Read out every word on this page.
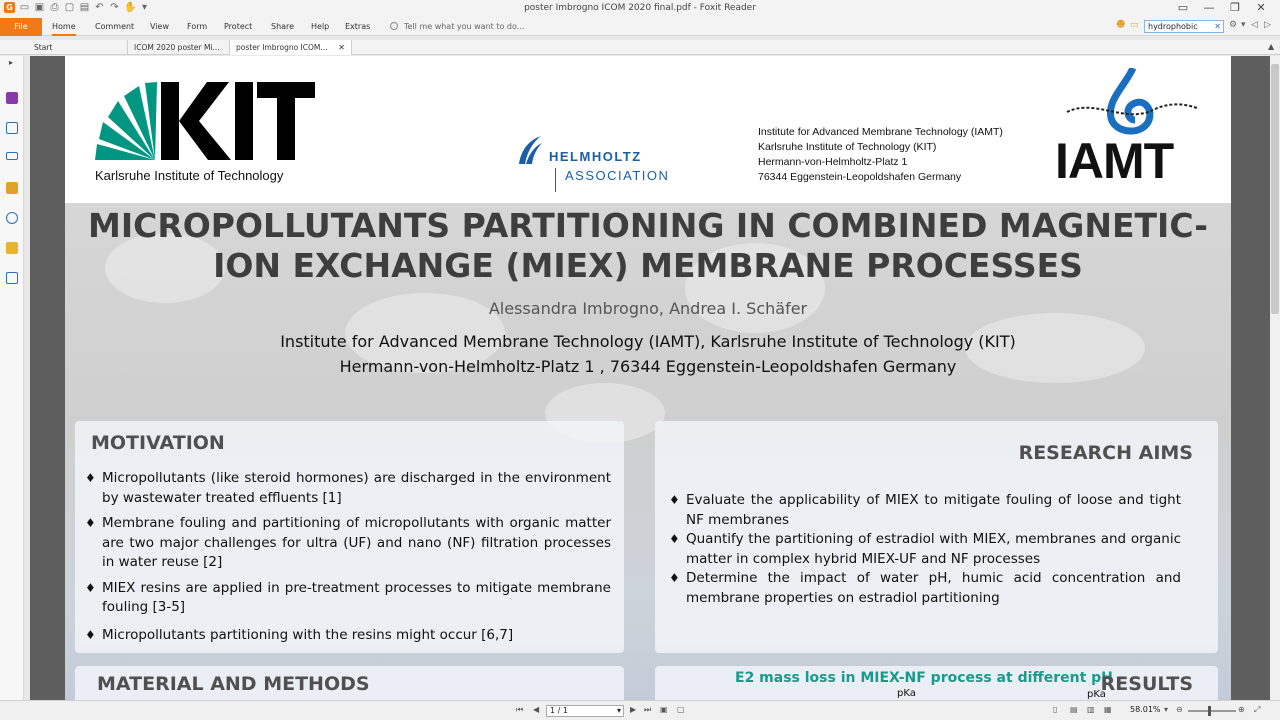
G ▭ ▣ ⎙ ▢ ▤ ↶ ↷ ✋ ▾	poster Imbrogno ICOM 2020 final.pdf - Foxit Reader	▭	—	❐	✕
File	Home Comment View Form Protect Share Help Extras	Tell me what you want to do...	☻ ▭	hydrophobic ✕ ⚙ ▾ ◁ ▷
Start	ICOM 2020 poster Mi...	poster Imbrogno ICOM... ✕	▲
▸
Karlsruhe Institute of Technology
HELMHOLTZ
ASSOCIATION
Institute for Advanced Membrane Technology (IAMT)
Karlsruhe Institute of Technology (KIT)
Hermann-von-Helmholtz-Platz 1
76344 Eggenstein-Leopoldshafen Germany	IAMT
MICROPOLLUTANTS PARTITIONING IN COMBINED MAGNETIC-
ION EXCHANGE (MIEX) MEMBRANE PROCESSES
Alessandra Imbrogno, Andrea I. Schäfer
Institute for Advanced Membrane Technology (IAMT), Karlsruhe Institute of Technology (KIT)
Hermann-von-Helmholtz-Platz 1 , 76344 Eggenstein-Leopoldshafen Germany
MOTIVATION
♦ Micropollutants (like steroid hormones) are discharged in the environment by wastewater treated effluents [1]
♦ Membrane fouling and partitioning of micropollutants with organic matter are two major challenges for ultra (UF) and nano (NF) filtration processes in water reuse [2]
♦ MIEX resins are applied in pre-treatment processes to mitigate membrane fouling [3-5]
♦ Micropollutants partitioning with the resins might occur [6,7]
RESEARCH AIMS
♦ Evaluate the applicability of MIEX to mitigate fouling of loose and tight NF membranes
♦ Quantify the partitioning of estradiol with MIEX, membranes and organic matter in complex hybrid MIEX-UF and NF processes
♦ Determine the impact of water pH, humic acid concentration and membrane properties on estradiol partitioning
MATERIAL AND METHODS	E2 mass loss in MIEX-NF process at different pH
pKa	pKa
RESULTS
⏮ ◀	1 / 1	▾ ▶ ⏭ ▣ ▢	▯ ▤ ▥ ▦ 58.01% ▾ ⊖	⊕ ⤢
